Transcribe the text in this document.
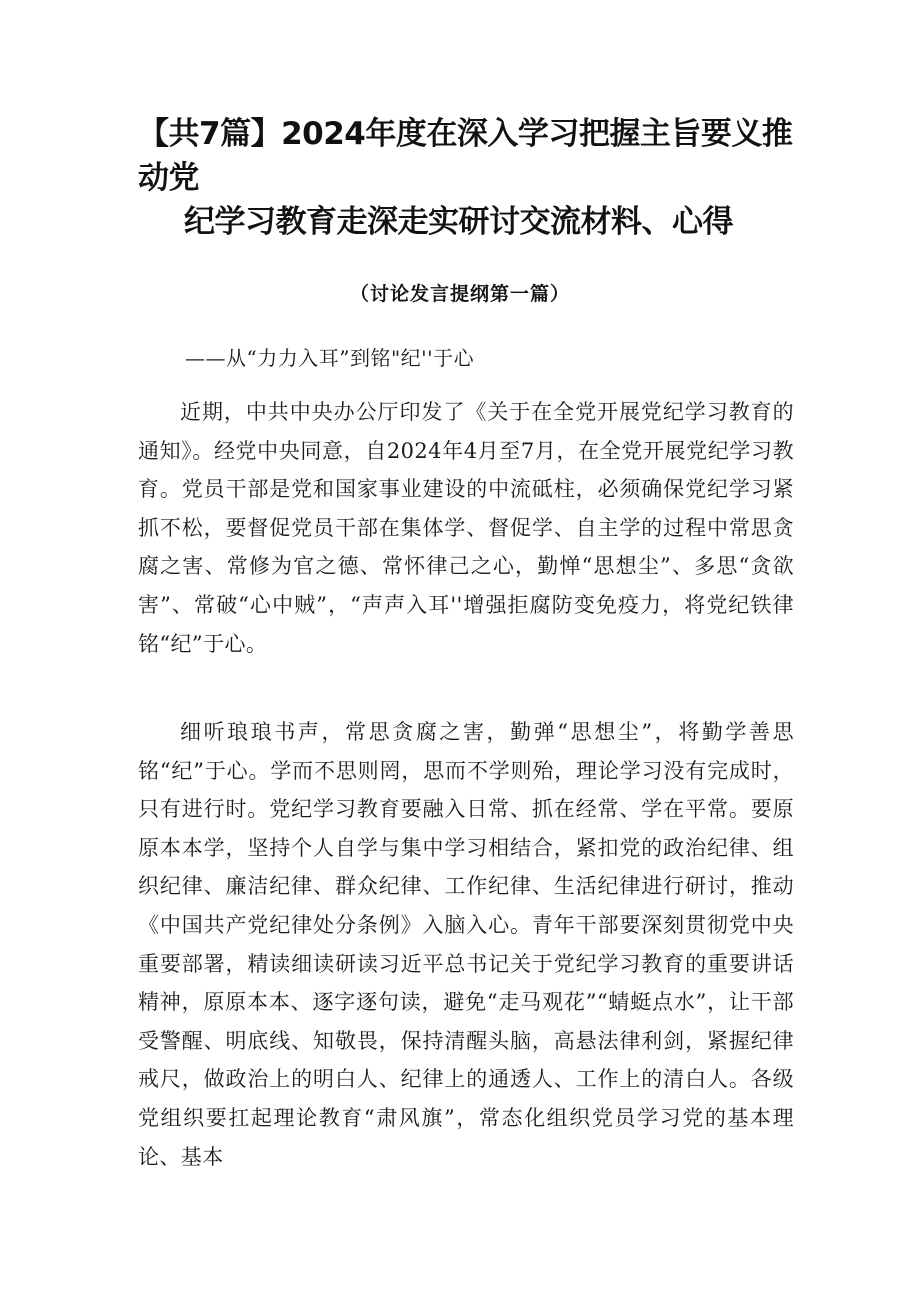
【共7篇】2024年度在深入学习把握主旨要义推动党
纪学习教育走深走实研讨交流材料、心得
（讨论发言提纲第一篇）
——从“力力入耳”到铭"纪''于心

近期，中共中央办公厅印发了《关于在全党开展党纪学习教育的通知》。经党中央同意，自2024年4月至7月，在全党开展党纪学习教育。党员干部是党和国家事业建设的中流砥柱，必须确保党纪学习紧抓不松，要督促党员干部在集体学、督促学、自主学的过程中常思贪腐之害、常修为官之德、常怀律己之心，勤惮“思想尘”、多思“贪欲害”、常破“心中贼”，“声声入耳''增强拒腐防变免疫力，将党纪铁律铭“纪”于心。

细听琅琅书声，常思贪腐之害，勤弹“思想尘”，将勤学善思铭“纪”于心。学而不思则罔，思而不学则殆，理论学习没有完成时，只有进行时。党纪学习教育要融入日常、抓在经常、学在平常。要原原本本学，坚持个人自学与集中学习相结合，紧扣党的政治纪律、组织纪律、廉洁纪律、群众纪律、工作纪律、生活纪律进行研讨，推动《中国共产党纪律处分条例》入脑入心。青年干部要深刻贯彻党中央重要部署，精读细读研读习近平总书记关于党纪学习教育的重要讲话精神，原原本本、逐字逐句读，避免“走马观花”“蜻蜓点水”，让干部受警醒、明底线、知敬畏，保持清醒头脑，高悬法律利剑，紧握纪律戒尺，做政治上的明白人、纪律上的通透人、工作上的清白人。各级党组织要扛起理论教育“肃风旗”，常态化组织党员学习党的基本理论、基本
